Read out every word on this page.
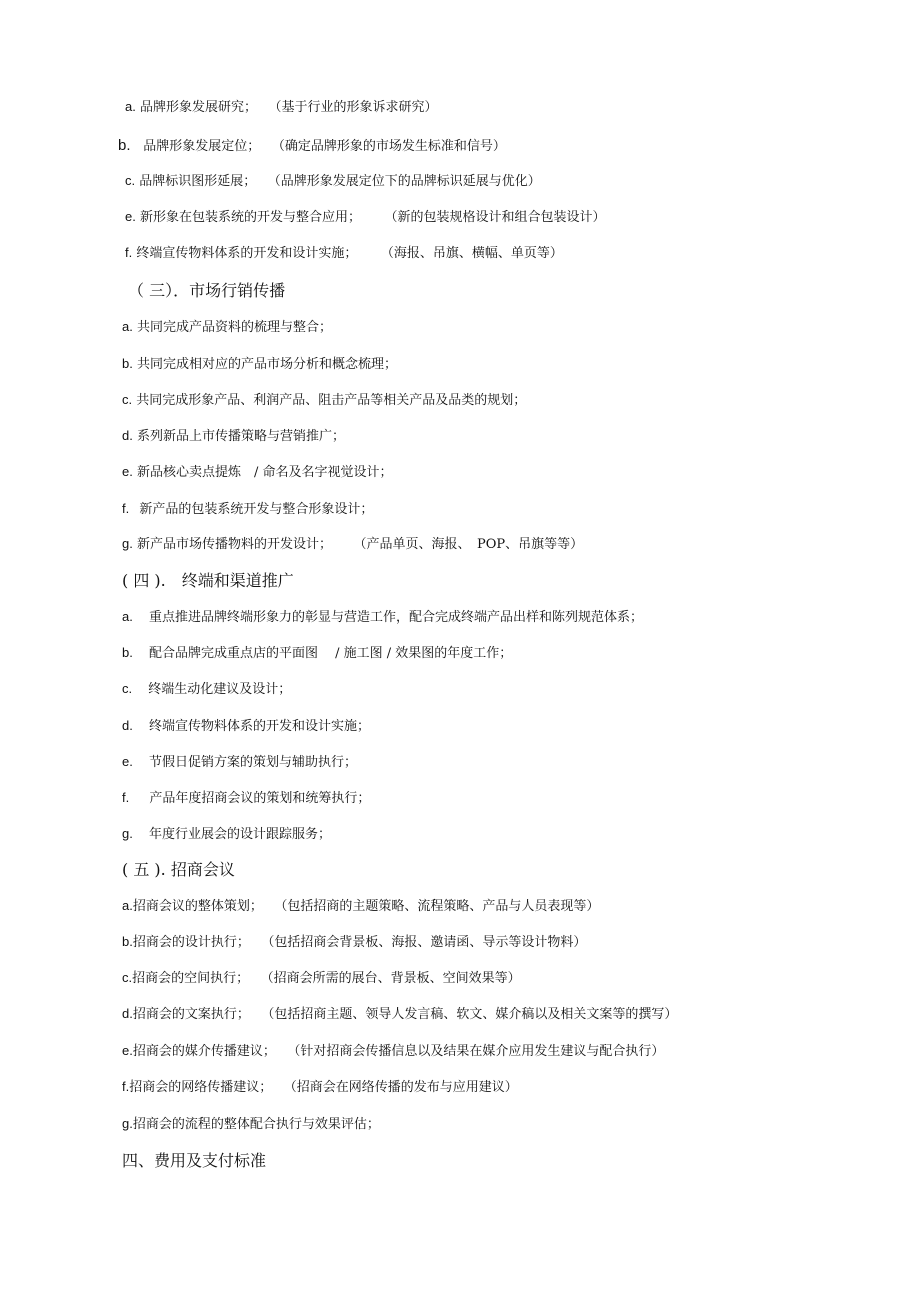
a. 品牌形象发展研究； （基于行业的形象诉求研究）
b. 品牌形象发展定位； （确定品牌形象的市场发生标准和信号）
c. 品牌标识图形延展； （品牌形象发展定位下的品牌标识延展与优化）
e. 新形象在包装系统的开发与整合应用； （新的包装规格设计和组合包装设计）
f. 终端宣传物料体系的开发和设计实施； （海报、吊旗、横幅、单页等）
（ 三）．市场行销传播
a. 共同完成产品资料的梳理与整合；
b. 共同完成相对应的产品市场分析和概念梳理；
c. 共同完成形象产品、利润产品、阻击产品等相关产品及品类的规划；
d. 系列新品上市传播策略与营销推广；
e. 新品核心卖点提炼　/ 命名及名字视觉设计；
f. 新产品的包装系统开发与整合形象设计；
g. 新产品市场传播物料的开发设计； （产品单页、海报、　POP、吊旗等等）
( 四 ).　终端和渠道推广
a. 重点推进品牌终端形象力的彰显与营造工作，配合完成终端产品出样和陈列规范体系；
b. 配合品牌完成重点店的平面图　 / 施工图 / 效果图的年度工作；
c. 终端生动化建议及设计；
d. 终端宣传物料体系的开发和设计实施；
e. 节假日促销方案的策划与辅助执行；
f. 产品年度招商会议的策划和统筹执行；
g. 年度行业展会的设计跟踪服务；
( 五 ). 招商会议
a.招商会议的整体策划； （包括招商的主题策略、流程策略、产品与人员表现等）
b.招商会的设计执行； （包括招商会背景板、海报、邀请函、导示等设计物料）
c.招商会的空间执行； （招商会所需的展台、背景板、空间效果等）
d.招商会的文案执行； （包括招商主题、领导人发言稿、软文、媒介稿以及相关文案等的撰写）
e.招商会的媒介传播建议； （针对招商会传播信息以及结果在媒介应用发生建议与配合执行）
f.招商会的网络传播建议； （招商会在网络传播的发布与应用建议）
g.招商会的流程的整体配合执行与效果评估；
四、费用及支付标准
